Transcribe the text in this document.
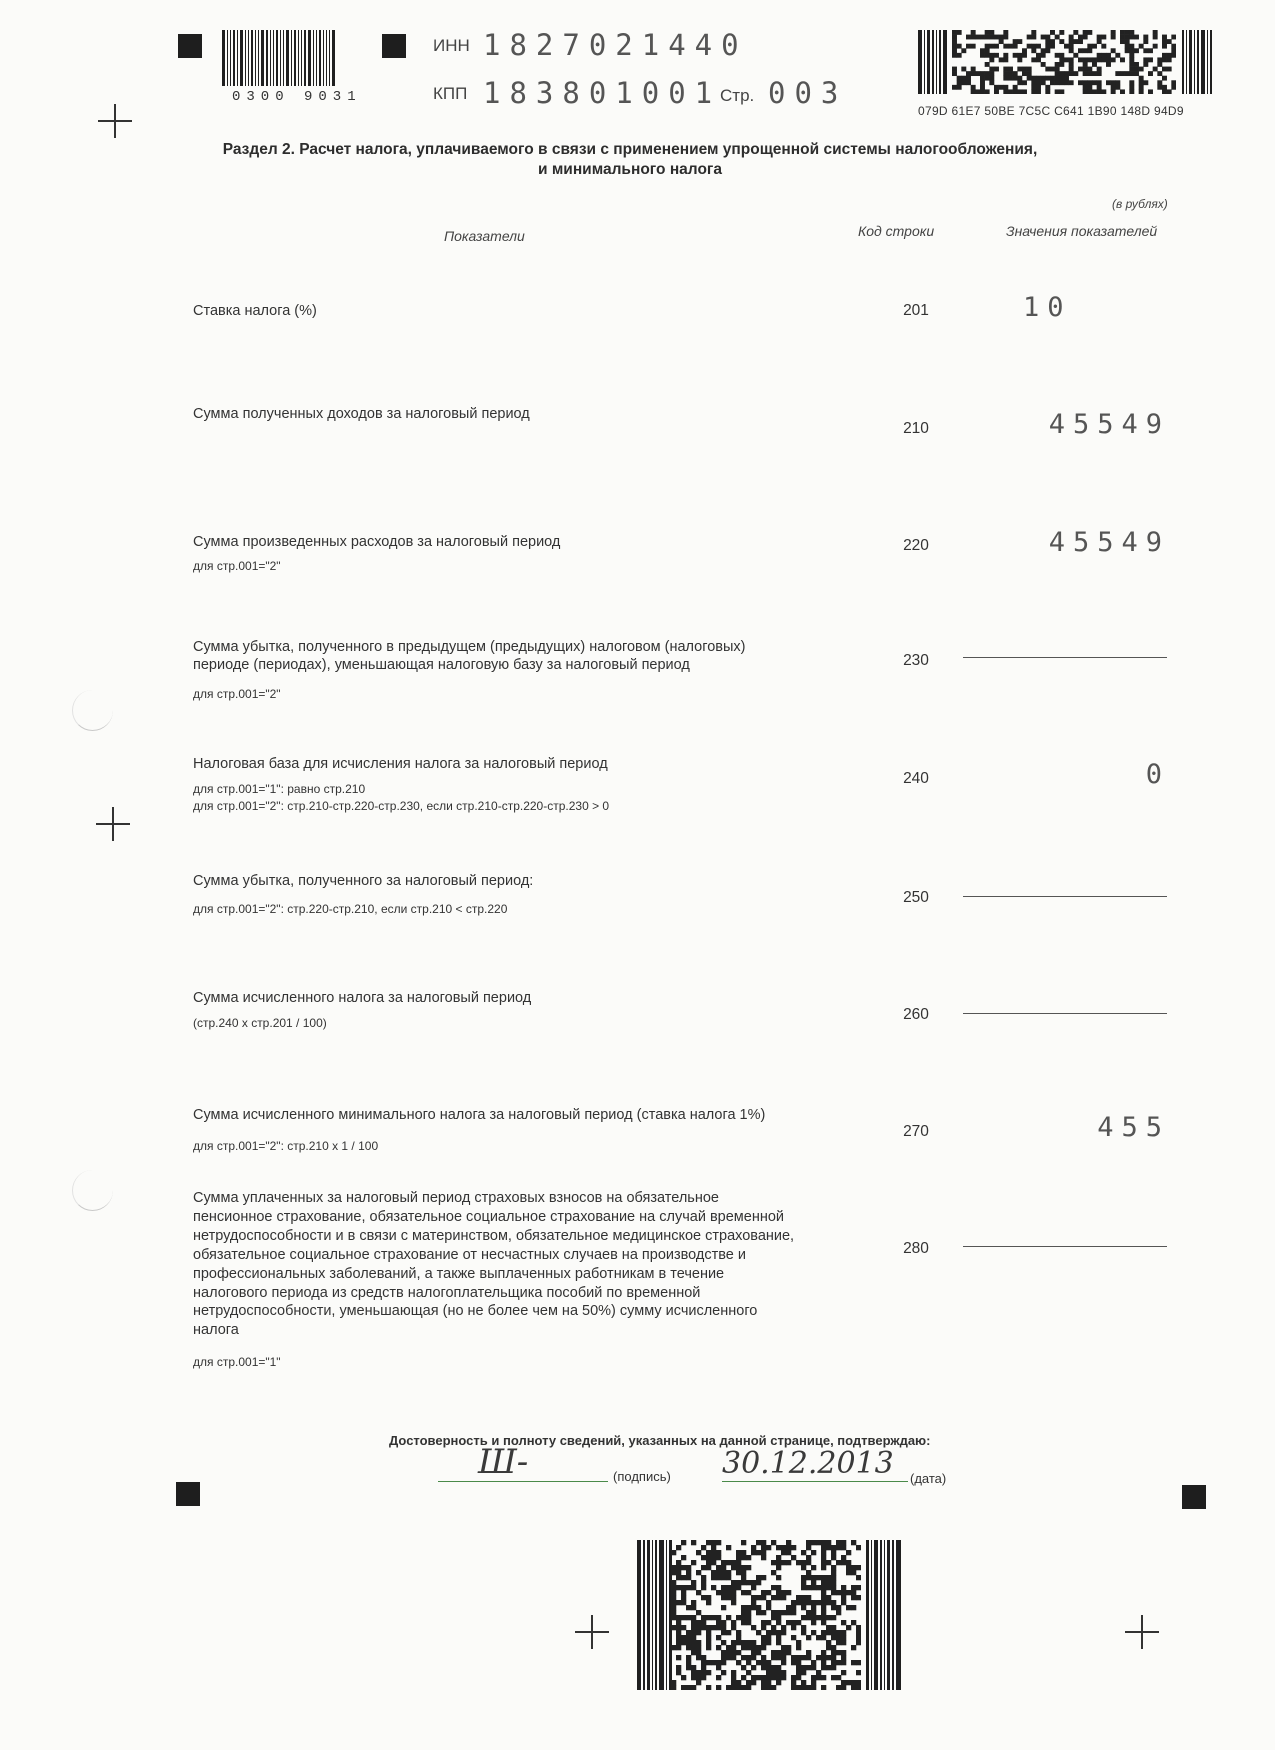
0300 9031
ИНН 1827021440
КПП 183801001
Стр. 003
079D 61E7 50BE 7C5C C641 1B90 148D 94D9
Раздел 2. Расчет налога, уплачиваемого в связи с применением упрощенной системы налогообложения,
и минимального налога
(в рублях)
Показатели	Код строки	Значения показателей
Ставка налога (%)	201	10
Сумма полученных доходов за налоговый период
210	45549
Сумма произведенных расходов за налоговый период
для стр.001="2"
220	45549
Сумма убытка, полученного в предыдущем (предыдущих) налоговом (налоговых)
периоде (периодах), уменьшающая налоговую базу за налоговый период
для стр.001="2"
230
Налоговая база для исчисления налога за налоговый период
для стр.001="1": равно стр.210
для стр.001="2": стр.210-стр.220-стр.230, если стр.210-стр.220-стр.230 > 0
240	0
Сумма убытка, полученного за налоговый период:
для стр.001="2": стр.220-стр.210, если стр.210 < стр.220
250
Сумма исчисленного налога за налоговый период
(стр.240 х стр.201 / 100)	260
Сумма исчисленного минимального налога за налоговый период (ставка налога 1%)
для стр.001="2": стр.210 х 1 / 100
270	455
Сумма уплаченных за налоговый период страховых взносов на обязательное
пенсионное страхование, обязательное социальное страхование на случай временной
нетрудоспособности и в связи с материнством, обязательное медицинское страхование,
обязательное социальное страхование от несчастных случаев на производстве и
профессиональных заболеваний, а также выплаченных работникам в течение
налогового периода из средств налогоплательщика пособий по временной
нетрудоспособности, уменьшающая (но не более чем на 50%) сумму исчисленного
налога
для стр.001="1"
280
Достоверность и полноту сведений, указанных на данной странице, подтверждаю:
Ш-	(подпись) 30.12.2013 (дата)
